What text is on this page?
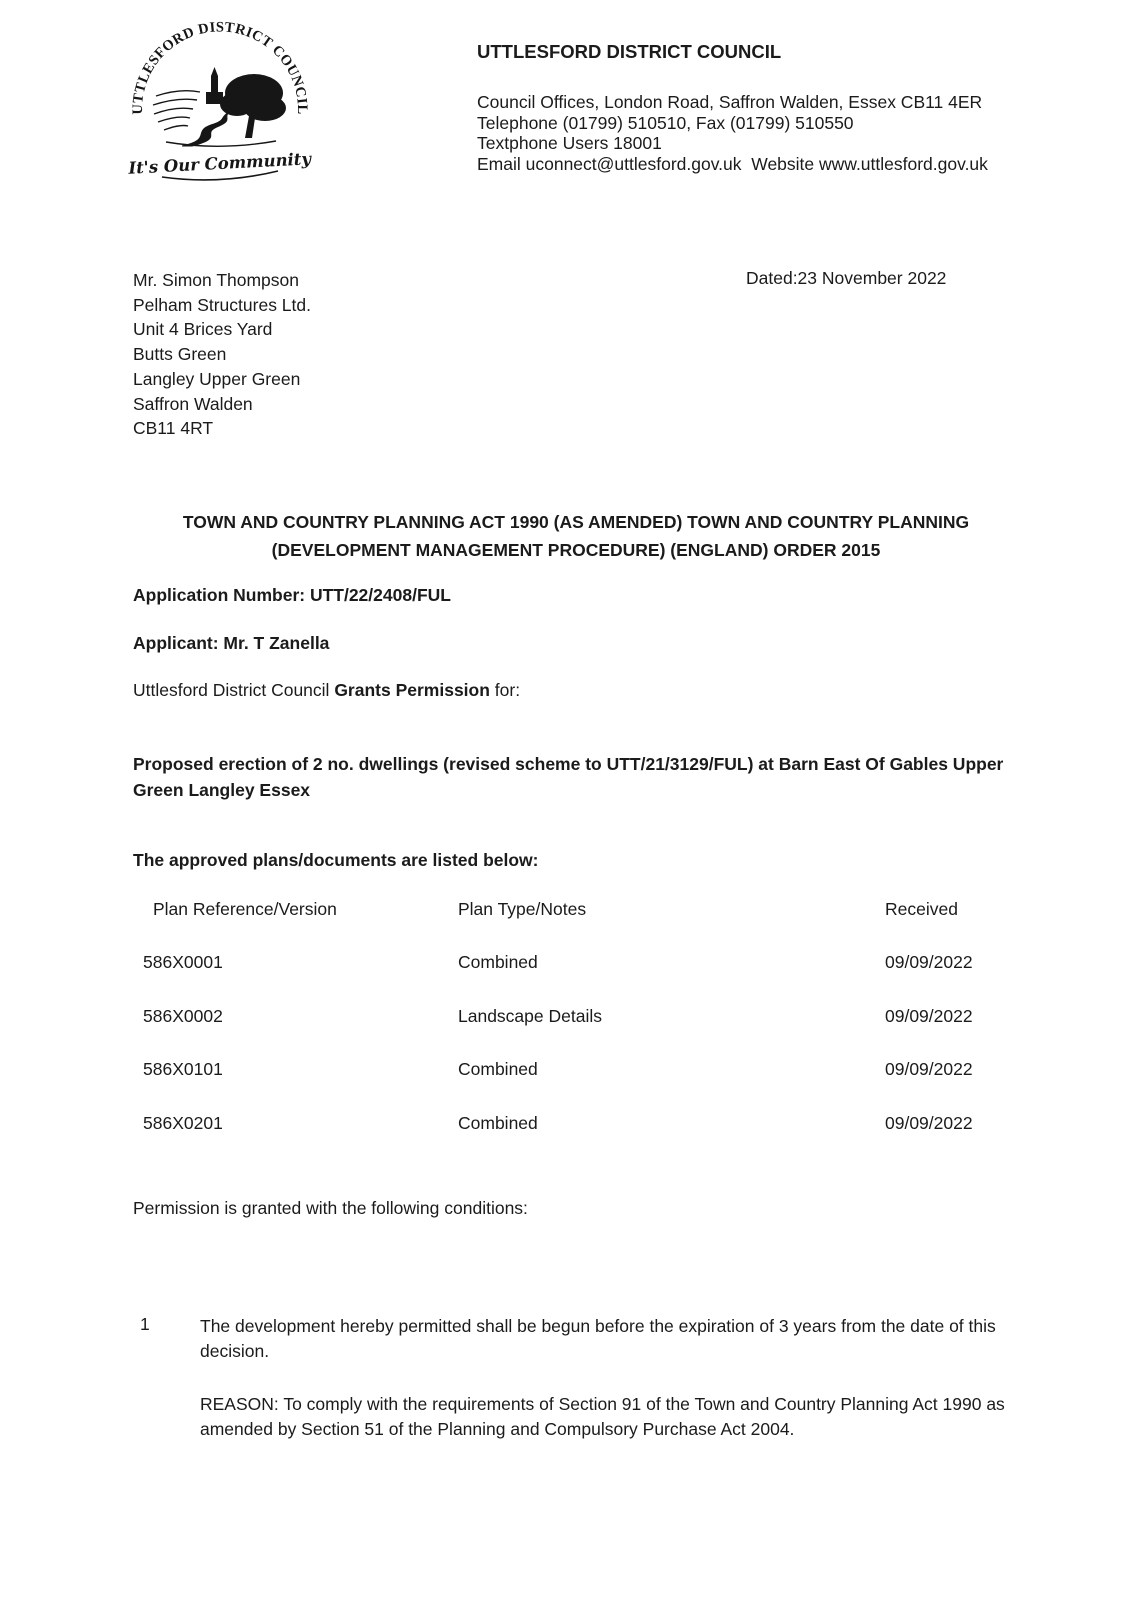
UTTLESFORD DISTRICT COUNCIL
It's Our Community
UTTLESFORD DISTRICT COUNCIL
Council Offices, London Road, Saffron Walden, Essex CB11 4ER
Telephone (01799) 510510, Fax (01799) 510550
Textphone Users 18001
Email uconnect@uttlesford.gov.uk  Website www.uttlesford.gov.uk
Mr. Simon Thompson
Pelham Structures Ltd.
Unit 4 Brices Yard
Butts Green
Langley Upper Green
Saffron Walden
CB11 4RT
Dated:23 November 2022
TOWN AND COUNTRY PLANNING ACT 1990 (AS AMENDED) TOWN AND COUNTRY PLANNING (DEVELOPMENT MANAGEMENT PROCEDURE) (ENGLAND) ORDER 2015
Application Number: UTT/22/2408/FUL
Applicant: Mr. T Zanella
Uttlesford District Council Grants Permission for:
Proposed erection of 2 no. dwellings (revised scheme to UTT/21/3129/FUL) at Barn East Of Gables Upper Green Langley Essex
The approved plans/documents are listed below:
Plan Reference/Version	Plan Type/Notes	Received
586X0001	Combined	09/09/2022
586X0002	Landscape Details	09/09/2022
586X0101	Combined	09/09/2022
586X0201	Combined	09/09/2022
Permission is granted with the following conditions:
1	The development hereby permitted shall be begun before the expiration of 3 years from the date of this decision.
REASON: To comply with the requirements of Section 91 of the Town and Country Planning Act 1990 as amended by Section 51 of the Planning and Compulsory Purchase Act 2004.
